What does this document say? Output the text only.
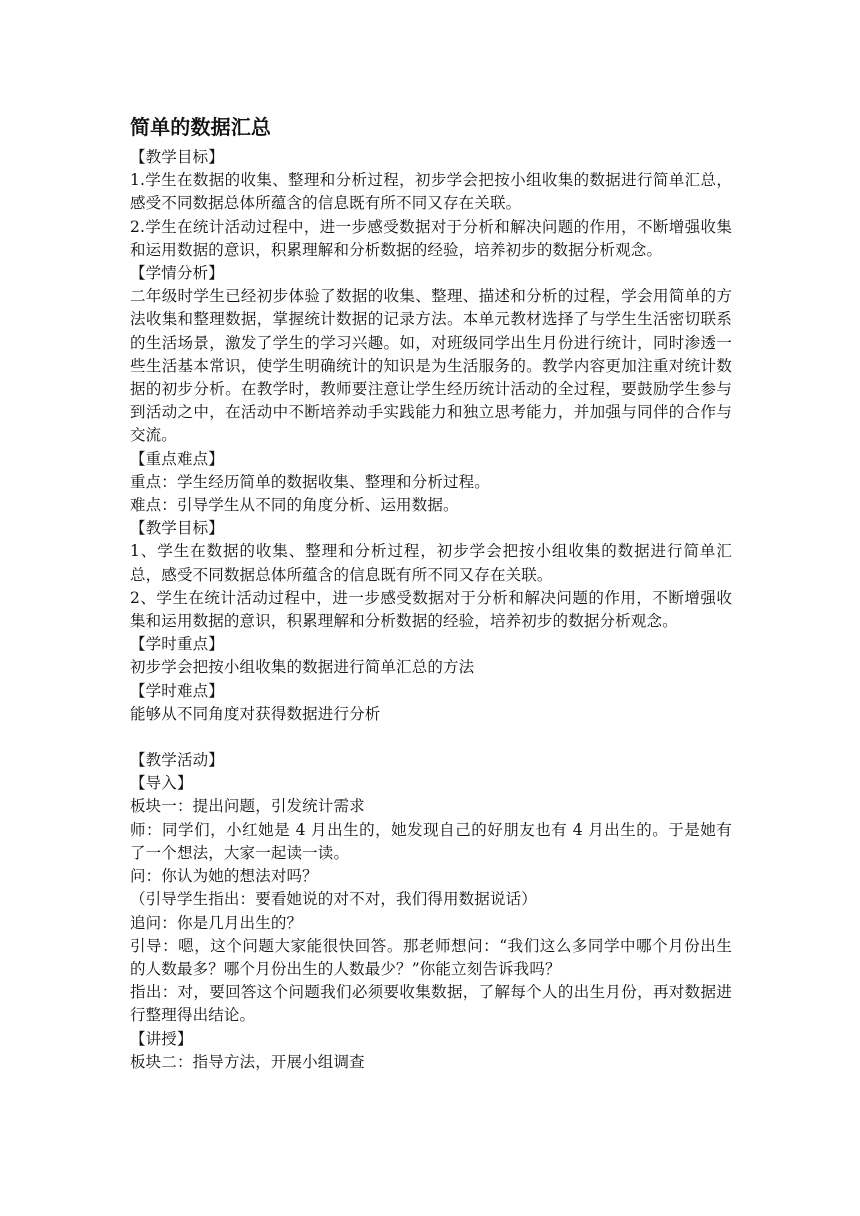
简单的数据汇总
【教学目标】
1.学生在数据的收集、整理和分析过程，初步学会把按小组收集的数据进行简单汇总，感受不同数据总体所蕴含的信息既有所不同又存在关联。
2.学生在统计活动过程中，进一步感受数据对于分析和解决问题的作用，不断增强收集和运用数据的意识，积累理解和分析数据的经验，培养初步的数据分析观念。
【学情分析】
二年级时学生已经初步体验了数据的收集、整理、描述和分析的过程，学会用简单的方法收集和整理数据，掌握统计数据的记录方法。本单元教材选择了与学生生活密切联系的生活场景，激发了学生的学习兴趣。如，对班级同学出生月份进行统计，同时渗透一些生活基本常识，使学生明确统计的知识是为生活服务的。教学内容更加注重对统计数据的初步分析。在教学时，教师要注意让学生经历统计活动的全过程，要鼓励学生参与到活动之中，在活动中不断培养动手实践能力和独立思考能力，并加强与同伴的合作与交流。
【重点难点】
重点：学生经历简单的数据收集、整理和分析过程。
难点：引导学生从不同的角度分析、运用数据。
【教学目标】
1、学生在数据的收集、整理和分析过程，初步学会把按小组收集的数据进行简单汇总，感受不同数据总体所蕴含的信息既有所不同又存在关联。
2、学生在统计活动过程中，进一步感受数据对于分析和解决问题的作用，不断增强收集和运用数据的意识，积累理解和分析数据的经验，培养初步的数据分析观念。
【学时重点】
初步学会把按小组收集的数据进行简单汇总的方法
【学时难点】
能够从不同角度对获得数据进行分析
【教学活动】
【导入】
板块一：提出问题，引发统计需求
师：同学们，小红她是 4 月出生的，她发现自己的好朋友也有 4 月出生的。于是她有了一个想法，大家一起读一读。
问：你认为她的想法对吗？
（引导学生指出：要看她说的对不对，我们得用数据说话）
追问：你是几月出生的？
引导：嗯，这个问题大家能很快回答。那老师想问：“我们这么多同学中哪个月份出生的人数最多？哪个月份出生的人数最少？”你能立刻告诉我吗？
指出：对，要回答这个问题我们必须要收集数据，了解每个人的出生月份，再对数据进行整理得出结论。
【讲授】
板块二：指导方法，开展小组调查
